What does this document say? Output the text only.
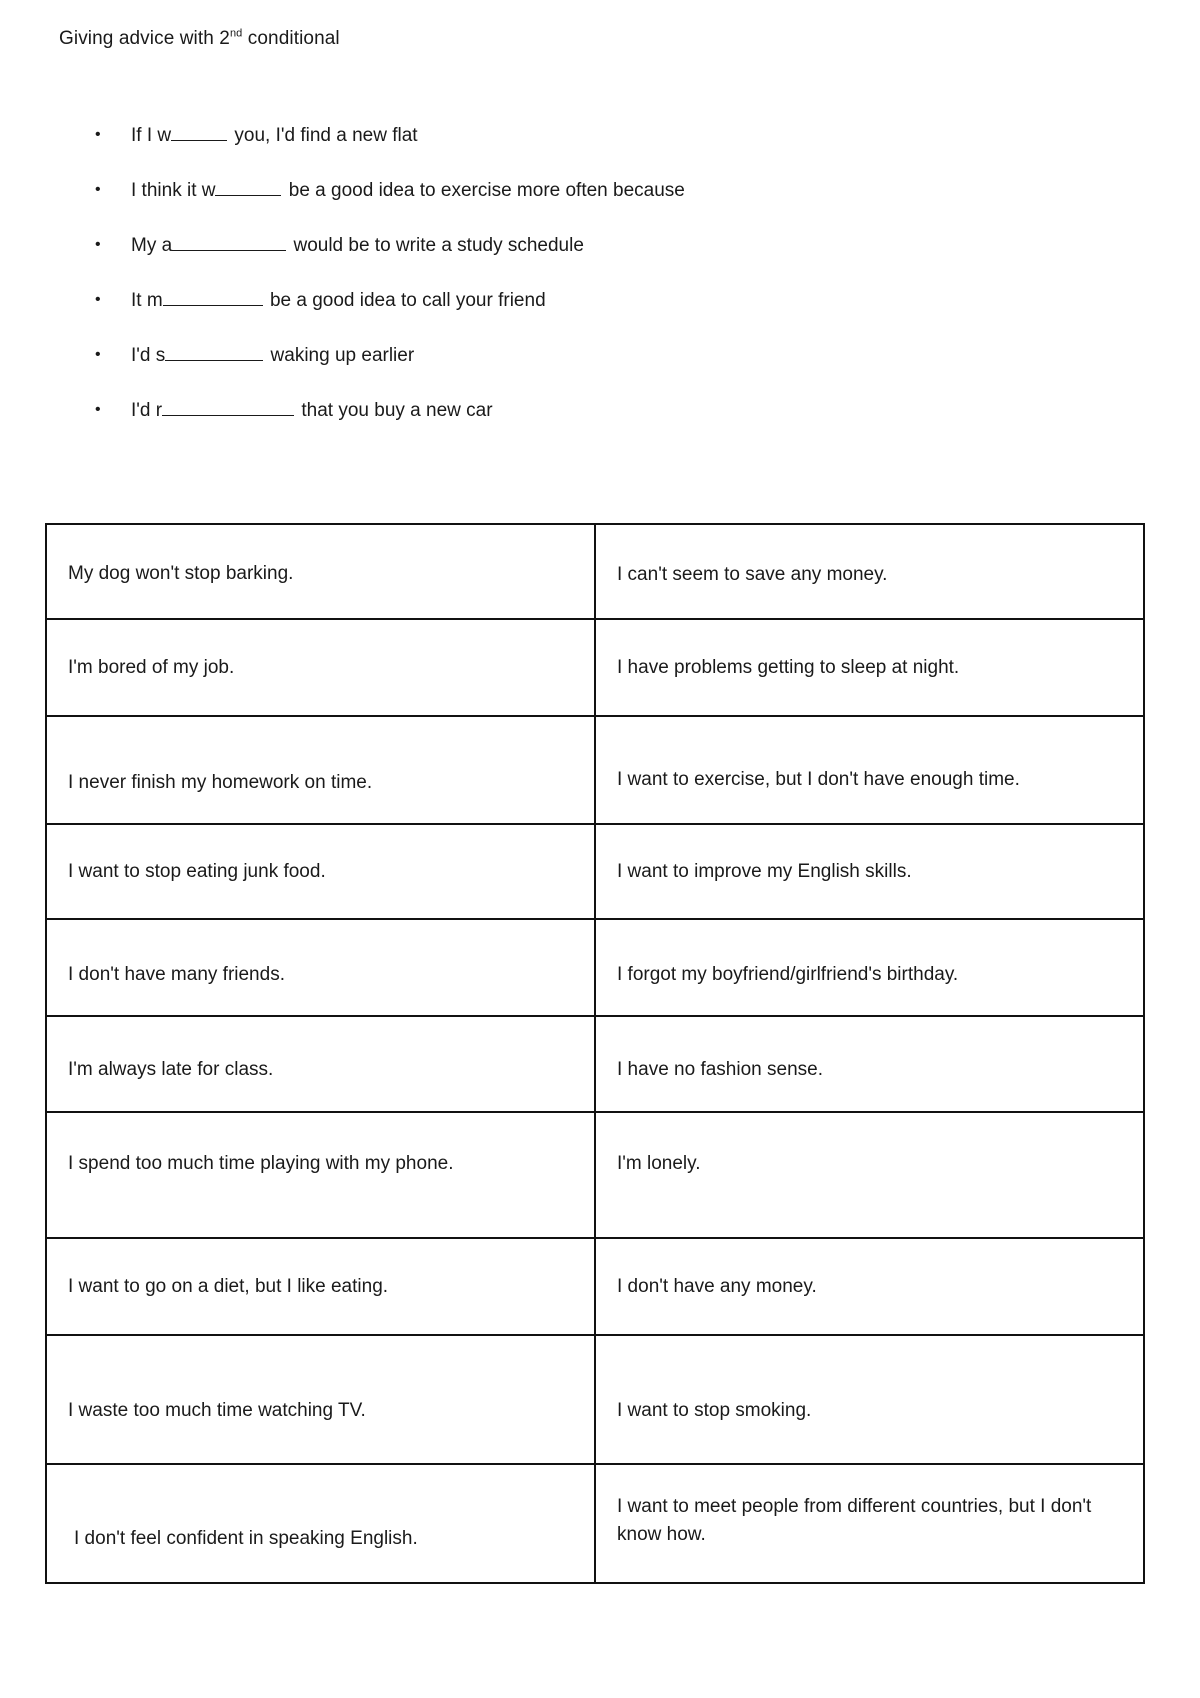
Giving advice with 2nd conditional
•	If I w	you, I'd find a new flat
•	I think it w	be a good idea to exercise more often because
•	My a	would be to write a study schedule
•	It m	be a good idea to call your friend
•	I'd s	waking up earlier
•	I'd r	that you buy a new car
My dog won't stop barking.	I can't seem to save any money.

I'm bored of my job.	I have problems getting to sleep at night.

I never finish my homework on time.	I want to exercise, but I don't have enough time.

I want to stop eating junk food.	I want to improve my English skills.

I don't have many friends.	I forgot my boyfriend/girlfriend's birthday.

I'm always late for class.	I have no fashion sense.

I spend too much time playing with my phone.	I'm lonely.

I want to go on a diet, but I like eating.	I don't have any money.

I waste too much time watching TV.	I want to stop smoking.

I don't feel confident in speaking English.	I want to meet people from different countries, but I don't know how.
